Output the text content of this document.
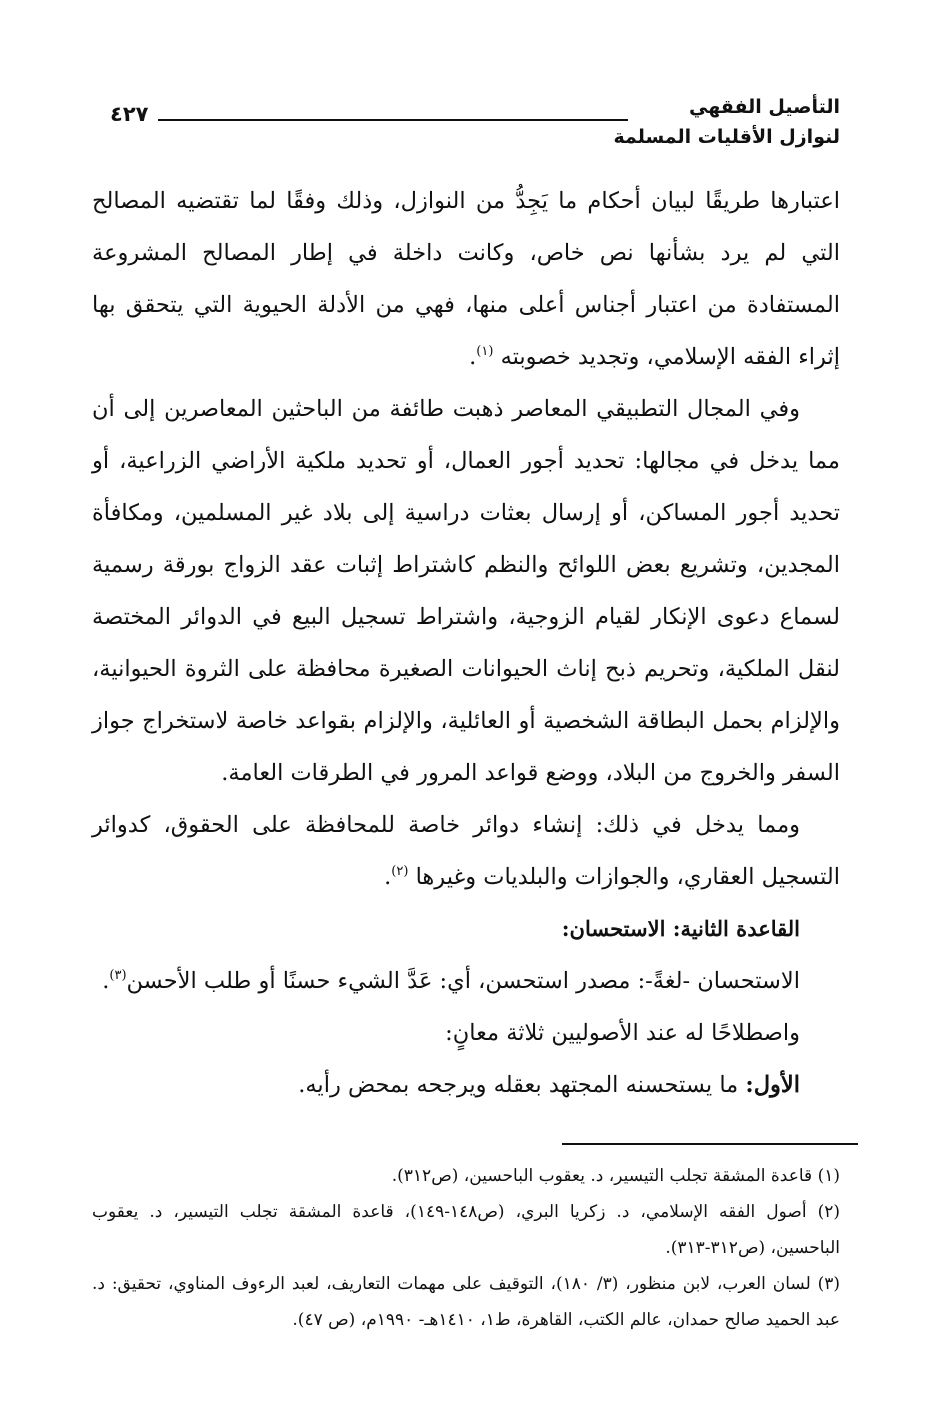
التأصيل الفقهي
لنوازل الأقليات المسلمة
٤٢٧

اعتبارها طريقًا لبيان أحكام ما يَجِدُّ من النوازل، وذلك وفقًا لما تقتضيه المصالح التي لم يرد بشأنها نص خاص، وكانت داخلة في إطار المصالح المشروعة المستفادة من اعتبار أجناس أعلى منها، فهي من الأدلة الحيوية التي يتحقق بها إثراء الفقه الإسلامي، وتجديد خصوبته $^{(١)}$.

وفي المجال التطبيقي المعاصر ذهبت طائفة من الباحثين المعاصرين إلى أن مما يدخل في مجالها: تحديد أجور العمال، أو تحديد ملكية الأراضي الزراعية، أو تحديد أجور المساكن، أو إرسال بعثات دراسية إلى بلاد غير المسلمين، ومكافأة المجدين، وتشريع بعض اللوائح والنظم كاشتراط إثبات عقد الزواج بورقة رسمية لسماع دعوى الإنكار لقيام الزوجية، واشتراط تسجيل البيع في الدوائر المختصة لنقل الملكية، وتحريم ذبح إناث الحيوانات الصغيرة محافظة على الثروة الحيوانية، والإلزام بحمل البطاقة الشخصية أو العائلية، والإلزام بقواعد خاصة لاستخراج جواز السفر والخروج من البلاد، ووضع قواعد المرور في الطرقات العامة.

ومما يدخل في ذلك: إنشاء دوائر خاصة للمحافظة على الحقوق، كدوائر التسجيل العقاري، والجوازات والبلديات وغيرها $^{(٢)}$.

القاعدة الثانية: الاستحسان:

الاستحسان -لغةً-: مصدر استحسن، أي: عَدَّ الشيء حسنًا أو طلب الأحسن$^{(٣)}$.

واصطلاحًا له عند الأصوليين ثلاثة معانٍ:

الأول: ما يستحسنه المجتهد بعقله ويرجحه بمحض رأيه.

(١) قاعدة المشقة تجلب التيسير، د. يعقوب الباحسين، (ص٣١٢).

(٢) أصول الفقه الإسلامي، د. زكريا البري، (ص١٤٨-١٤٩)، قاعدة المشقة تجلب التيسير، د. يعقوب الباحسين، (ص٣١٢-٣١٣).

(٣) لسان العرب، لابن منظور، (٣/ ١٨٠)، التوقيف على مهمات التعاريف، لعبد الرءوف المناوي، تحقيق: د. عبد الحميد صالح حمدان، عالم الكتب، القاهرة، ط١، ١٤١٠هـ- ١٩٩٠م، (ص ٤٧).
